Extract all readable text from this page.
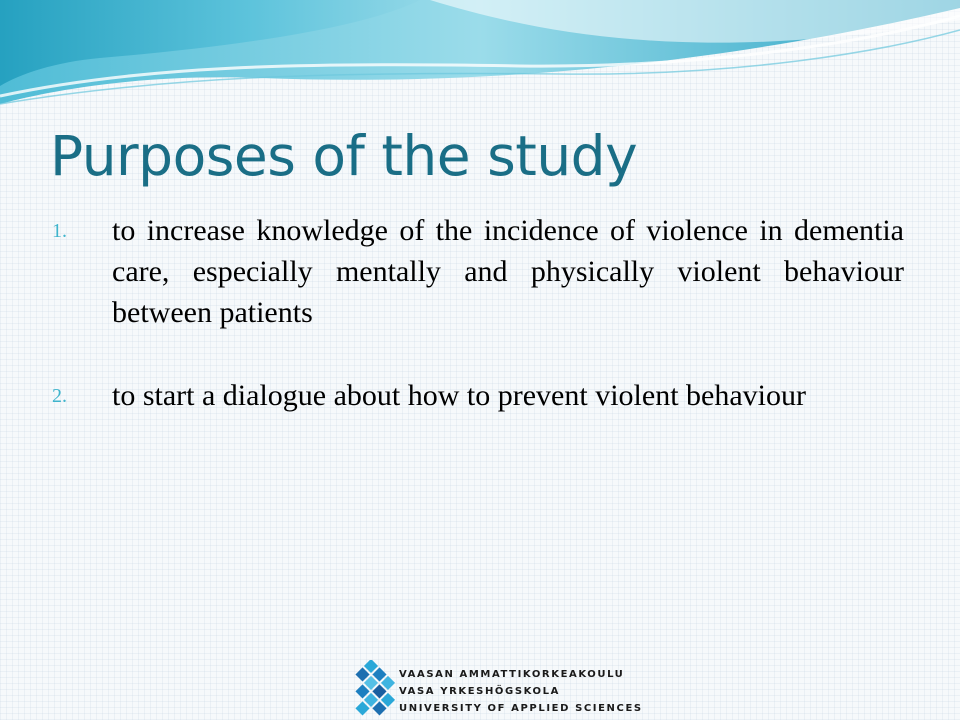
Purposes of the study
1. to increase knowledge of the incidence of violence in dementia care, especially mentally and physically violent behaviour between patients
2. to start a dialogue about how to prevent violent behaviour
VAASAN AMMATTIKORKEAKOULU
VASA YRKESHÖGSKOLA
UNIVERSITY OF APPLIED SCIENCES
